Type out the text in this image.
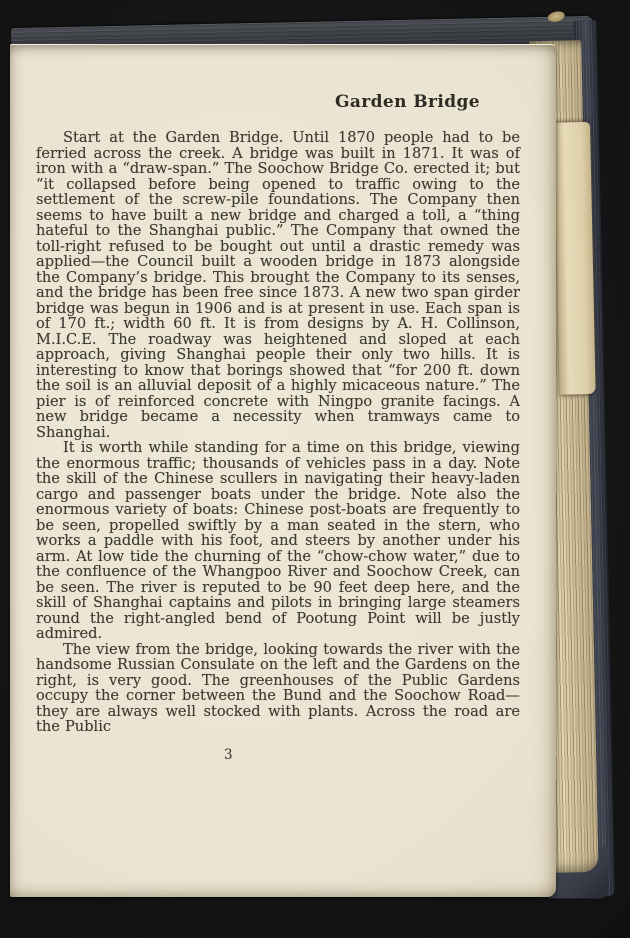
Garden Bridge

Start at the Garden Bridge. Until 1870 people had to be ferried across the creek. A bridge was built in 1871. It was of iron with a “draw-span.” The Soochow Bridge Co. erected it; but “it collapsed before being opened to traffic owing to the settlement of the screw-pile foundations. The Company then seems to have built a new bridge and charged a toll, a “thing hateful to the Shanghai public.” The Company that owned the toll-right refused to be bought out until a drastic remedy was applied—the Council built a wooden bridge in 1873 alongside the Company’s bridge. This brought the Company to its senses, and the bridge has been free since 1873. A new two span girder bridge was begun in 1906 and is at present in use. Each span is of 170 ft.; width 60 ft. It is from designs by A. H. Collinson, M.I.C.E. The roadway was heightened and sloped at each approach, giving Shanghai people their only two hills. It is interesting to know that borings showed that “for 200 ft. down the soil is an alluvial deposit of a highly micaceous nature.” The pier is of reinforced concrete with Ningpo granite facings. A new bridge became a necessity when tramways came to Shanghai.

It is worth while standing for a time on this bridge, viewing the enormous traffic; thousands of vehicles pass in a day. Note the skill of the Chinese scullers in navigating their heavy-laden cargo and passenger boats under the bridge. Note also the enormous variety of boats: Chinese post-boats are frequently to be seen, propelled swiftly by a man seated in the stern, who works a paddle with his foot, and steers by another under his arm. At low tide the churning of the “chow-chow water,” due to the confluence of the Whangpoo River and Soochow Creek, can be seen. The river is reputed to be 90 feet deep here, and the skill of Shanghai captains and pilots in bringing large steamers round the right-angled bend of Pootung Point will be justly admired.

The view from the bridge, looking towards the river with the handsome Russian Consulate on the left and the Gardens on the right, is very good. The greenhouses of the Public Gardens occupy the corner between the Bund and the Soochow Road—they are always well stocked with plants. Across the road are the Public

3
